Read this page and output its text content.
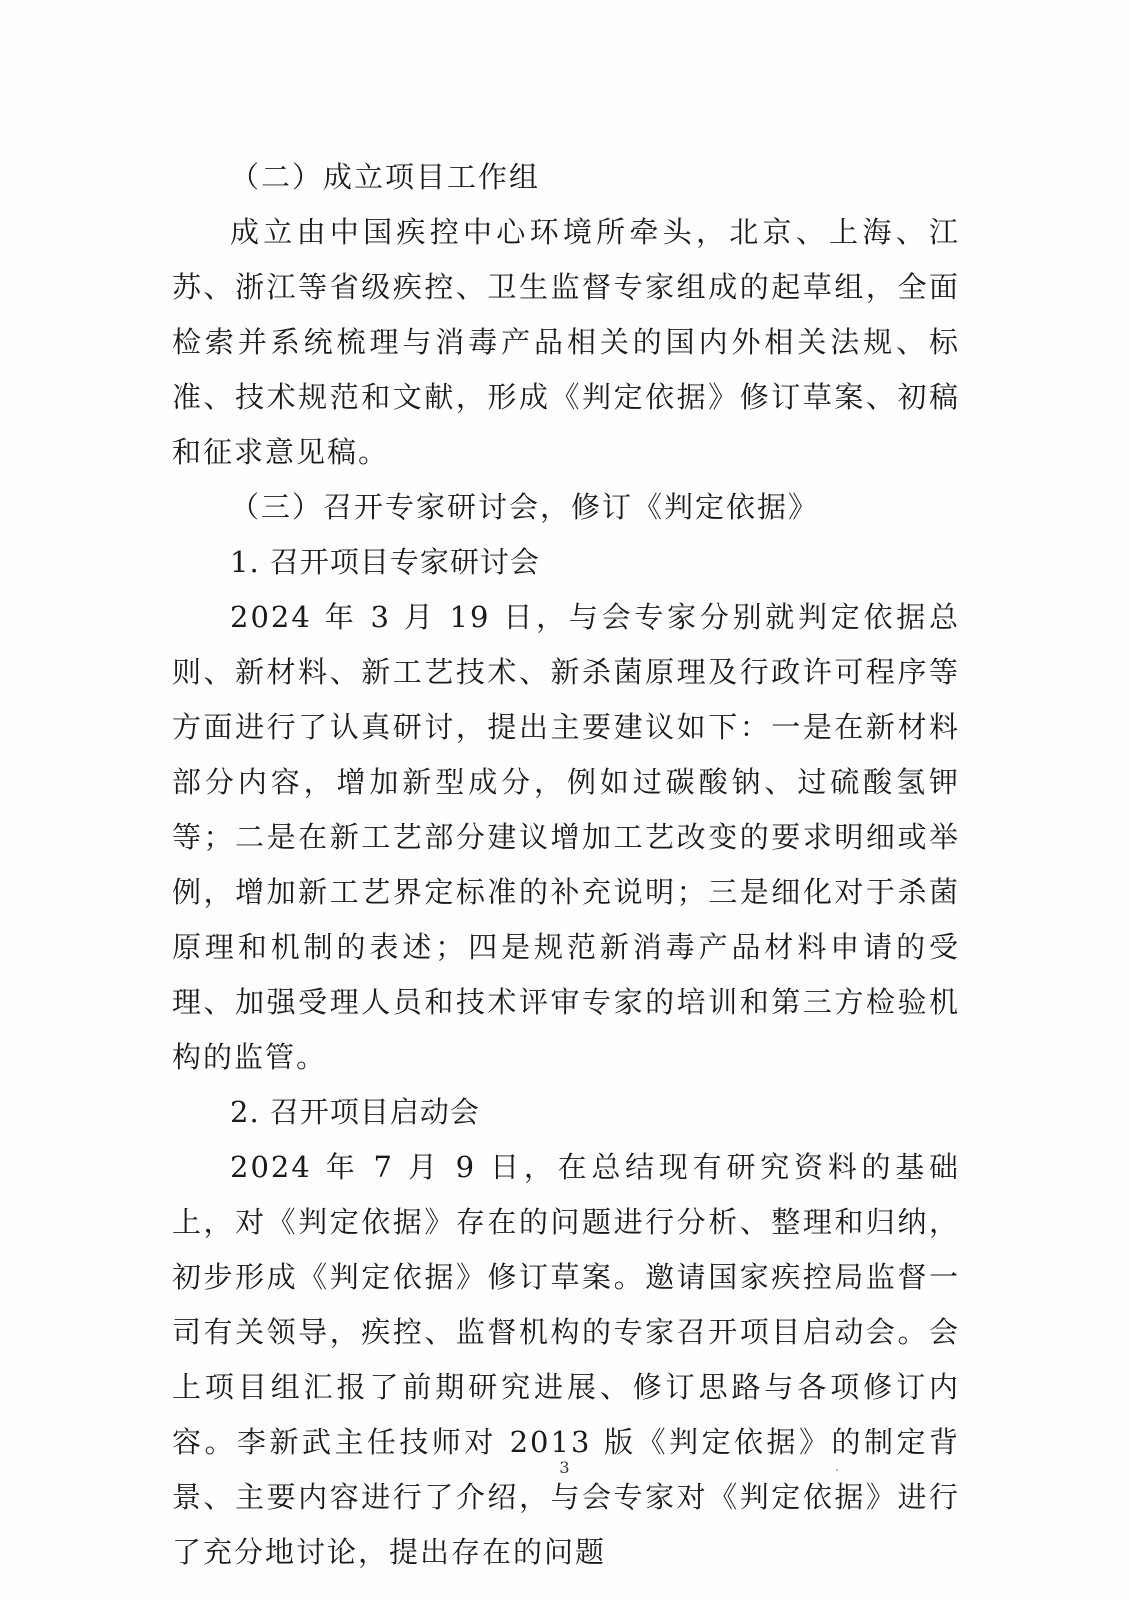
（二）成立项目工作组
成立由中国疾控中心环境所牵头，北京、上海、江苏、浙江等省级疾控、卫生监督专家组成的起草组，全面检索并系统梳理与消毒产品相关的国内外相关法规、标准、技术规范和文献，形成《判定依据》修订草案、初稿和征求意见稿。
（三）召开专家研讨会，修订《判定依据》
1. 召开项目专家研讨会
2024 年 3 月 19 日，与会专家分别就判定依据总则、新材料、新工艺技术、新杀菌原理及行政许可程序等方面进行了认真研讨，提出主要建议如下：一是在新材料部分内容，增加新型成分，例如过碳酸钠、过硫酸氢钾等；二是在新工艺部分建议增加工艺改变的要求明细或举例，增加新工艺界定标准的补充说明；三是细化对于杀菌原理和机制的表述；四是规范新消毒产品材料申请的受理、加强受理人员和技术评审专家的培训和第三方检验机构的监管。
2. 召开项目启动会
2024 年 7 月 9 日，在总结现有研究资料的基础上，对《判定依据》存在的问题进行分析、整理和归纳，初步形成《判定依据》修订草案。邀请国家疾控局监督一司有关领导，疾控、监督机构的专家召开项目启动会。会上项目组汇报了前期研究进展、修订思路与各项修订内容。李新武主任技师对 2013 版《判定依据》的制定背景、主要内容进行了介绍，与会专家对《判定依据》进行了充分地讨论，提出存在的问题
3
